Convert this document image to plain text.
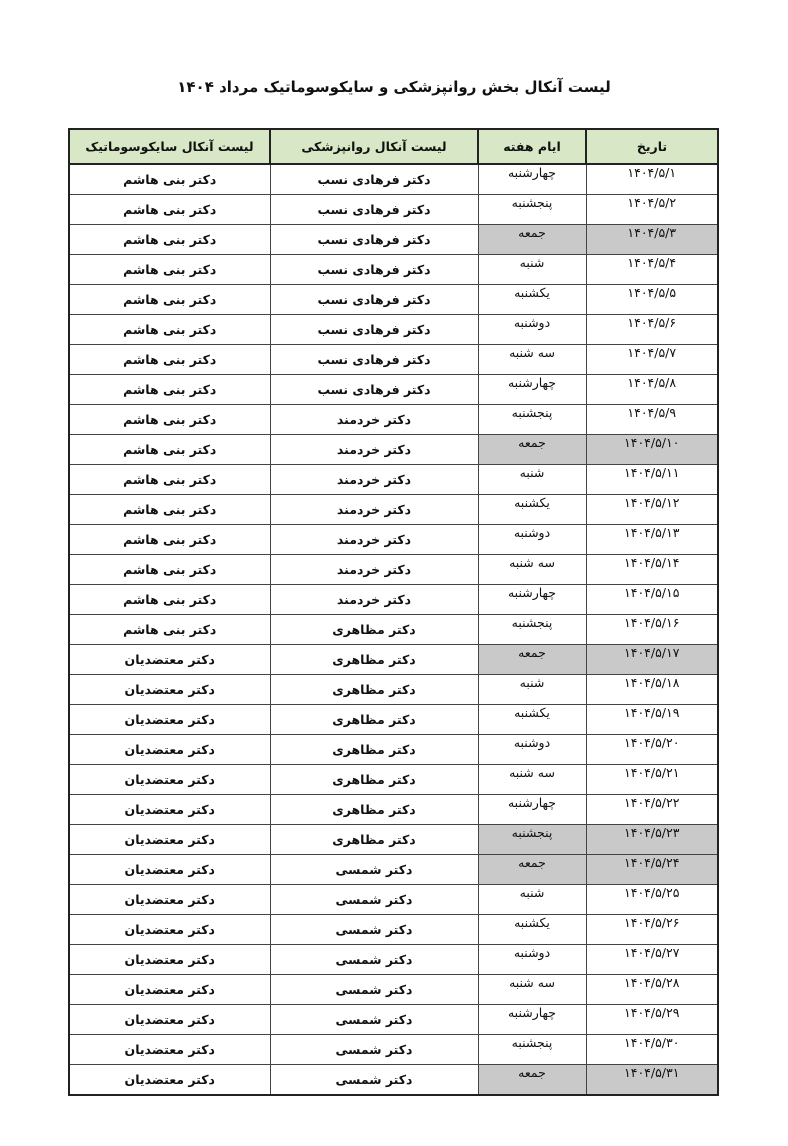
لیست آنکال بخش روانپزشکی و سایکوسوماتیک مرداد ۱۴۰۴
تاریخ	ایام هفته	لیست آنکال روانپزشکی	لیست آنکال سایکوسوماتیک
۱۴۰۴/۵/۱	چهارشنبه	دکتر فرهادی نسب	دکتر بنی هاشم
۱۴۰۴/۵/۲	پنجشنبه	دکتر فرهادی نسب	دکتر بنی هاشم
۱۴۰۴/۵/۳	جمعه	دکتر فرهادی نسب	دکتر بنی هاشم
۱۴۰۴/۵/۴	شنبه	دکتر فرهادی نسب	دکتر بنی هاشم
۱۴۰۴/۵/۵	یکشنبه	دکتر فرهادی نسب	دکتر بنی هاشم
۱۴۰۴/۵/۶	دوشنبه	دکتر فرهادی نسب	دکتر بنی هاشم
۱۴۰۴/۵/۷	سه شنبه	دکتر فرهادی نسب	دکتر بنی هاشم
۱۴۰۴/۵/۸	چهارشنبه	دکتر فرهادی نسب	دکتر بنی هاشم
۱۴۰۴/۵/۹	پنجشنبه	دکتر خردمند	دکتر بنی هاشم
۱۴۰۴/۵/۱۰	جمعه	دکتر خردمند	دکتر بنی هاشم
۱۴۰۴/۵/۱۱	شنبه	دکتر خردمند	دکتر بنی هاشم
۱۴۰۴/۵/۱۲	یکشنبه	دکتر خردمند	دکتر بنی هاشم
۱۴۰۴/۵/۱۳	دوشنبه	دکتر خردمند	دکتر بنی هاشم
۱۴۰۴/۵/۱۴	سه شنبه	دکتر خردمند	دکتر بنی هاشم
۱۴۰۴/۵/۱۵	چهارشنبه	دکتر خردمند	دکتر بنی هاشم
۱۴۰۴/۵/۱۶	پنجشنبه	دکتر مظاهری	دکتر بنی هاشم
۱۴۰۴/۵/۱۷	جمعه	دکتر مظاهری	دکتر معتضدیان
۱۴۰۴/۵/۱۸	شنبه	دکتر مظاهری	دکتر معتضدیان
۱۴۰۴/۵/۱۹	یکشنبه	دکتر مظاهری	دکتر معتضدیان
۱۴۰۴/۵/۲۰	دوشنبه	دکتر مظاهری	دکتر معتضدیان
۱۴۰۴/۵/۲۱	سه شنبه	دکتر مظاهری	دکتر معتضدیان
۱۴۰۴/۵/۲۲	چهارشنبه	دکتر مظاهری	دکتر معتضدیان
۱۴۰۴/۵/۲۳	پنجشنبه	دکتر مظاهری	دکتر معتضدیان
۱۴۰۴/۵/۲۴	جمعه	دکتر شمسی	دکتر معتضدیان
۱۴۰۴/۵/۲۵	شنبه	دکتر شمسی	دکتر معتضدیان
۱۴۰۴/۵/۲۶	یکشنبه	دکتر شمسی	دکتر معتضدیان
۱۴۰۴/۵/۲۷	دوشنبه	دکتر شمسی	دکتر معتضدیان
۱۴۰۴/۵/۲۸	سه شنبه	دکتر شمسی	دکتر معتضدیان
۱۴۰۴/۵/۲۹	چهارشنبه	دکتر شمسی	دکتر معتضدیان
۱۴۰۴/۵/۳۰	پنجشنبه	دکتر شمسی	دکتر معتضدیان
۱۴۰۴/۵/۳۱	جمعه	دکتر شمسی	دکتر معتضدیان
